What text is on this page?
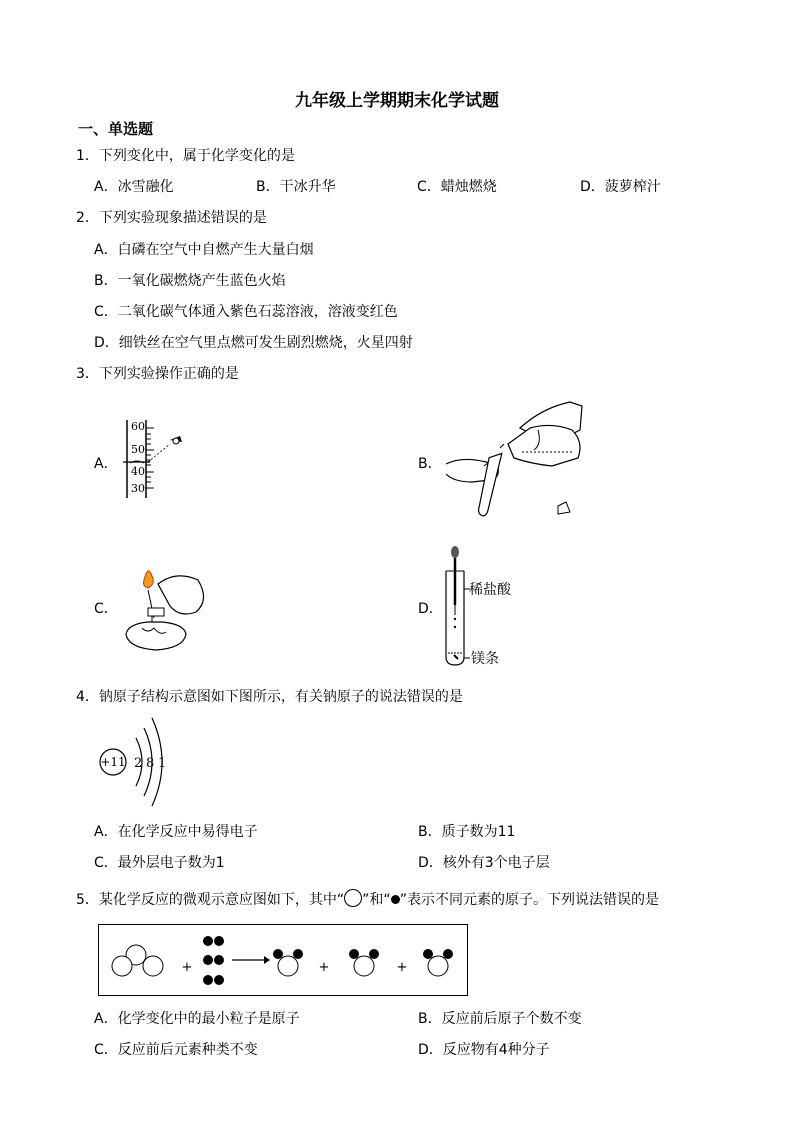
九年级上学期期末化学试题
一、单选题
1．下列变化中，属于化学变化的是
A．冰雪融化	B．干冰升华	C．蜡烛燃烧	D．菠萝榨汁
2．下列实验现象描述错误的是
A．白磷在空气中自燃产生大量白烟
B．一氧化碳燃烧产生蓝色火焰
C．二氧化碳气体通入紫色石蕊溶液，溶液变红色
D．细铁丝在空气里点燃可发生剧烈燃烧，火星四射
3．下列实验操作正确的是
A．	B．
C．	D．
60
50
40
30
稀盐酸
镁条
4．钠原子结构示意图如下图所示，有关钠原子的说法错误的是
+11 2 8 1
A．在化学反应中易得电子	B．质子数为11
C．最外层电子数为1	D．核外有3个电子层
5．某化学反应的微观示意应图如下，其中“ ”和“ ”表示不同元素的原子。下列说法错误的是
+	+	+
A．化学变化中的最小粒子是原子	B．反应前后原子个数不变
C．反应前后元素种类不变	D．反应物有4种分子
